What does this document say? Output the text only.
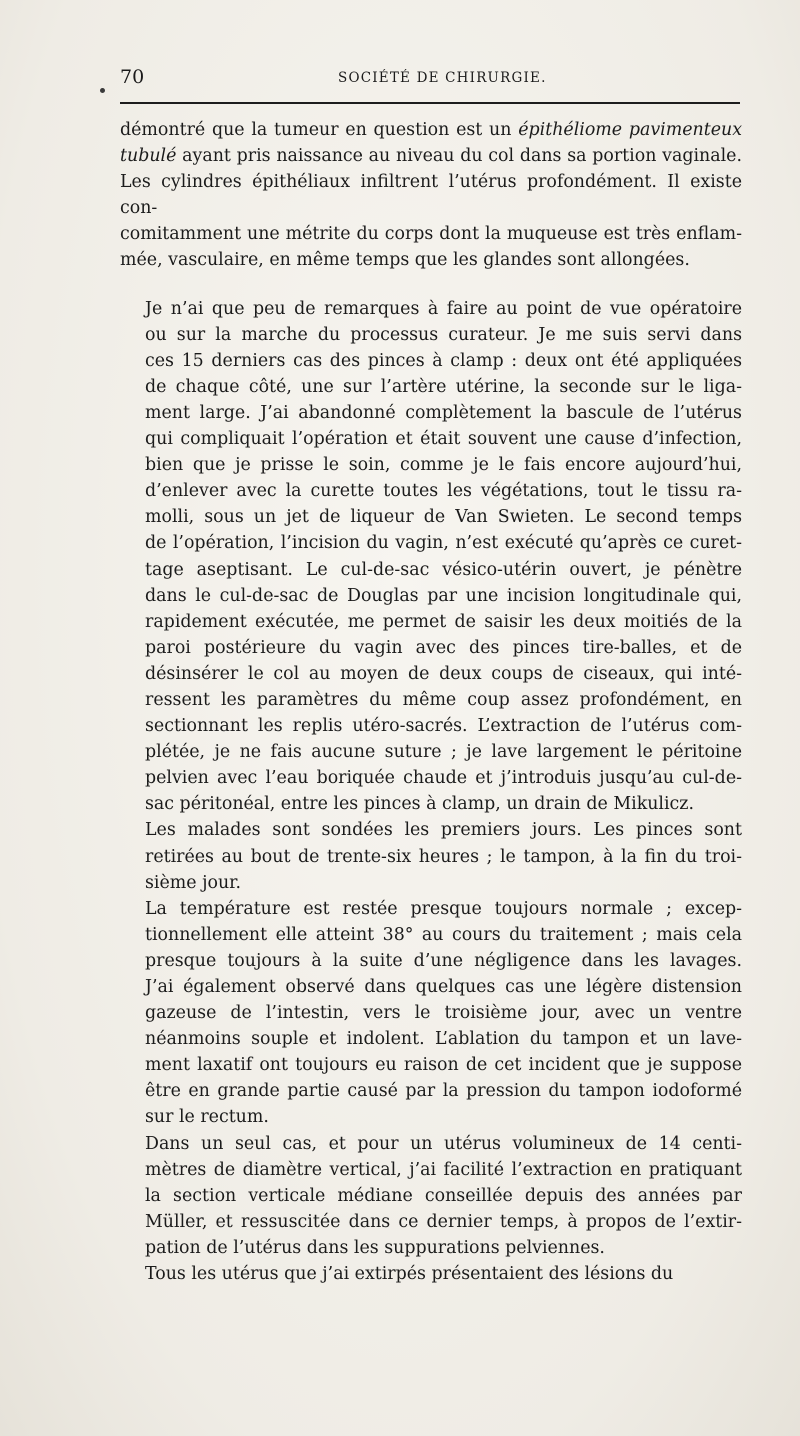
70	SOCIÉTÉ DE CHIRURGIE.

démontré que la tumeur en question est un épithéliome pavimenteux
tubulé ayant pris naissance au niveau du col dans sa portion vaginale.
Les cylindres épithéliaux infiltrent l’utérus profondément. Il existe con-
comitamment une métrite du corps dont la muqueuse est très enflam-
mée, vasculaire, en même temps que les glandes sont allongées.

Je n’ai que peu de remarques à faire au point de vue opératoire
ou sur la marche du processus curateur. Je me suis servi dans
ces 15 derniers cas des pinces à clamp : deux ont été appliquées
de chaque côté, une sur l’artère utérine, la seconde sur le liga-
ment large. J’ai abandonné complètement la bascule de l’utérus
qui compliquait l’opération et était souvent une cause d’infection,
bien que je prisse le soin, comme je le fais encore aujourd’hui,
d’enlever avec la curette toutes les végétations, tout le tissu ra-
molli, sous un jet de liqueur de Van Swieten. Le second temps
de l’opération, l’incision du vagin, n’est exécuté qu’après ce curet-
tage aseptisant. Le cul-de-sac vésico-utérin ouvert, je pénètre
dans le cul-de-sac de Douglas par une incision longitudinale qui,
rapidement exécutée, me permet de saisir les deux moitiés de la
paroi postérieure du vagin avec des pinces tire-balles, et de
désinsérer le col au moyen de deux coups de ciseaux, qui inté-
ressent les paramètres du même coup assez profondément, en
sectionnant les replis utéro-sacrés. L’extraction de l’utérus com-
plétée, je ne fais aucune suture ; je lave largement le péritoine
pelvien avec l’eau boriquée chaude et j’introduis jusqu’au cul-de-
sac péritonéal, entre les pinces à clamp, un drain de Mikulicz.

Les malades sont sondées les premiers jours. Les pinces sont
retirées au bout de trente-six heures ; le tampon, à la fin du troi-
sième jour.

La température est restée presque toujours normale ; excep-
tionnellement elle atteint 38° au cours du traitement ; mais cela
presque toujours à la suite d’une négligence dans les lavages.
J’ai également observé dans quelques cas une légère distension
gazeuse de l’intestin, vers le troisième jour, avec un ventre
néanmoins souple et indolent. L’ablation du tampon et un lave-
ment laxatif ont toujours eu raison de cet incident que je suppose
être en grande partie causé par la pression du tampon iodoformé
sur le rectum.

Dans un seul cas, et pour un utérus volumineux de 14 centi-
mètres de diamètre vertical, j’ai facilité l’extraction en pratiquant
la section verticale médiane conseillée depuis des années par
Müller, et ressuscitée dans ce dernier temps, à propos de l’extir-
pation de l’utérus dans les suppurations pelviennes.

Tous les utérus que j’ai extirpés présentaient des lésions du
